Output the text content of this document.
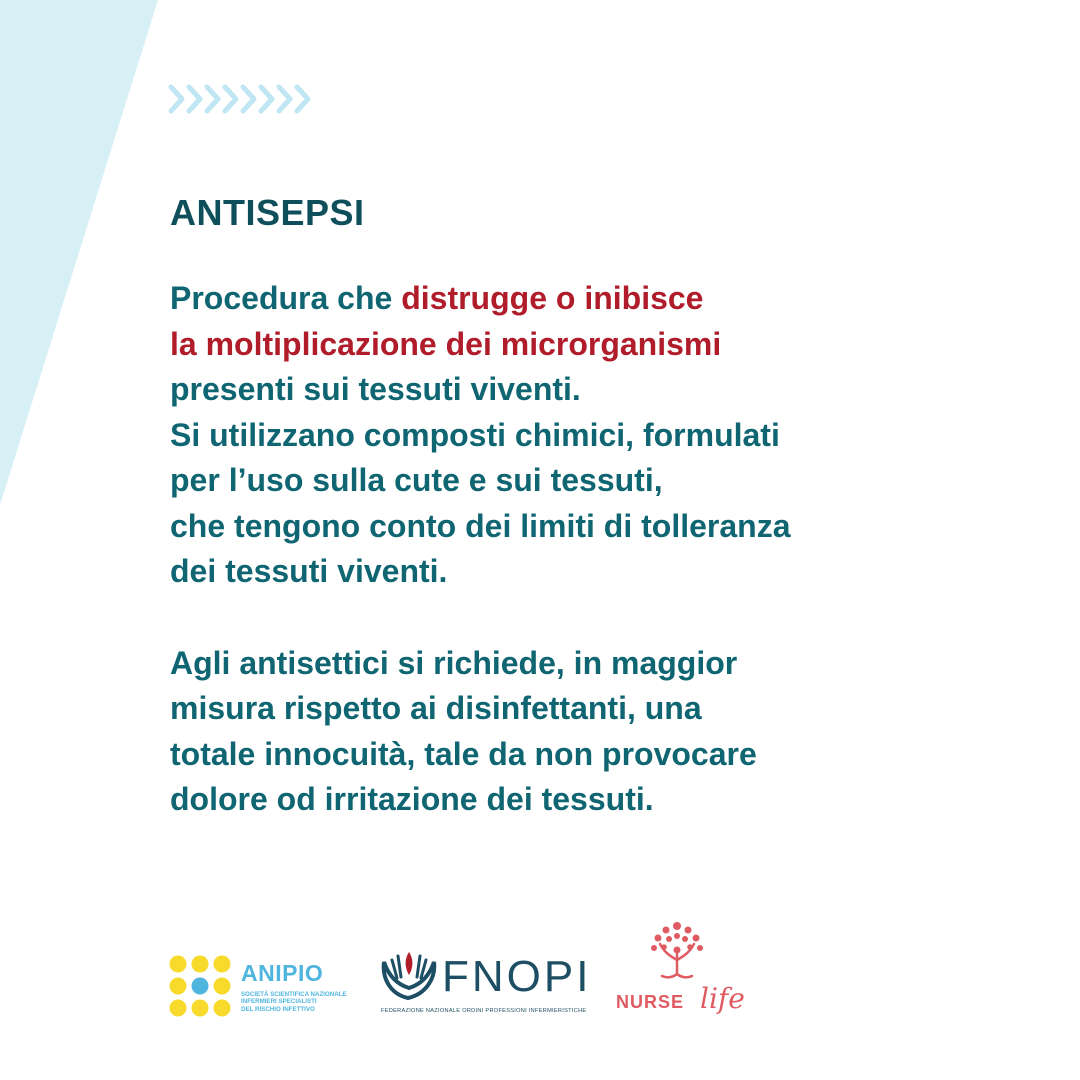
ANTISEPSI
Procedura che distrugge o inibisce
la moltiplicazione dei microrganismi
presenti sui tessuti viventi.
Si utilizzano composti chimici, formulati
per l’uso sulla cute e sui tessuti,
che tengono conto dei limiti di tolleranza
dei tessuti viventi.
Agli antisettici si richiede, in maggior
misura rispetto ai disinfettanti, una
totale innocuità, tale da non provocare
dolore od irritazione dei tessuti.
ANIPIO
SOCIETÀ SCIENTIFICA NAZIONALE
INFERMIERI SPECIALISTI
DEL RISCHIO INFETTIVO
FNOPI
FEDERAZIONE NAZIONALE ORDINI PROFESSIONI INFERMIERISTICHE NURSE life
